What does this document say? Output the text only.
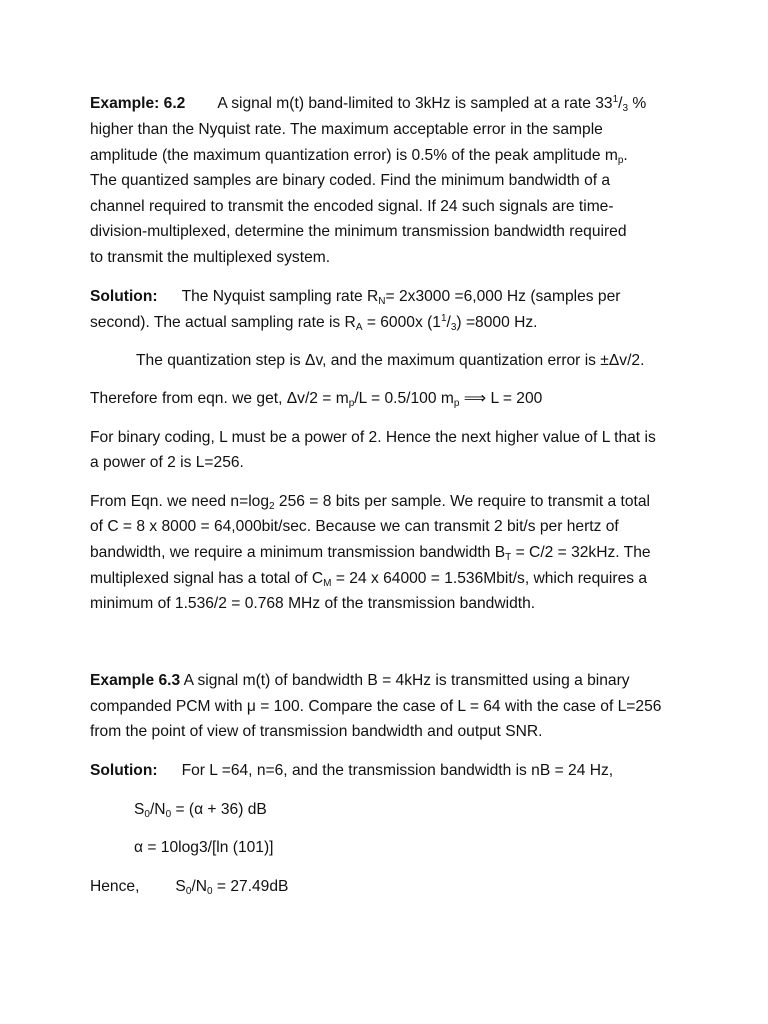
Example: 6.2 A signal m(t) band-limited to 3kHz is sampled at a rate $33^1/_3$ %
higher than the Nyquist rate. The maximum acceptable error in the sample
amplitude (the maximum quantization error) is 0.5% of the peak amplitude $m_p$.
The quantized samples are binary coded. Find the minimum bandwidth of a
channel required to transmit the encoded signal. If 24 such signals are time-
division-multiplexed, determine the minimum transmission bandwidth required
to transmit the multiplexed system.
Solution: The Nyquist sampling rate $R_N= 2x3000 =6,000$ Hz (samples per
second). The actual sampling rate is $R_A = 6000x$ $(1^1/_3) =8000$ Hz.
The quantization step is Δv, and the maximum quantization error is ±Δv/2.
Therefore from eqn. we get, $\Delta v/2 = m_p/L = 0.5/100$ $m_p$ ⟹ L = 200
For binary coding, L must be a power of 2. Hence the next higher value of L that is
a power of 2 is L=256.
From Eqn. we need $n=\log_2$ 256 = 8 bits per sample. We require to transmit a total
of C = 8 x 8000 = 64,000bit/sec. Because we can transmit 2 bit/s per hertz of
bandwidth, we require a minimum transmission bandwidth $B_T = C/2 = 32kHz$. The
multiplexed signal has a total of $C_M = 24$ x 64000 = 1.536Mbit/s, which requires a
minimum of 1.536/2 = 0.768 MHz of the transmission bandwidth.
Example 6.3 A signal m(t) of bandwidth B = 4kHz is transmitted using a binary
companded PCM with μ = 100. Compare the case of L = 64 with the case of L=256
from the point of view of transmission bandwidth and output SNR.
Solution: For L =64, n=6, and the transmission bandwidth is nB = 24 Hz,
$S_0/N_0 = (\alpha + 36)$ dB
α = 10log3/[ln (101)]
Hence, $S_0/N_0 = 27.49dB$
